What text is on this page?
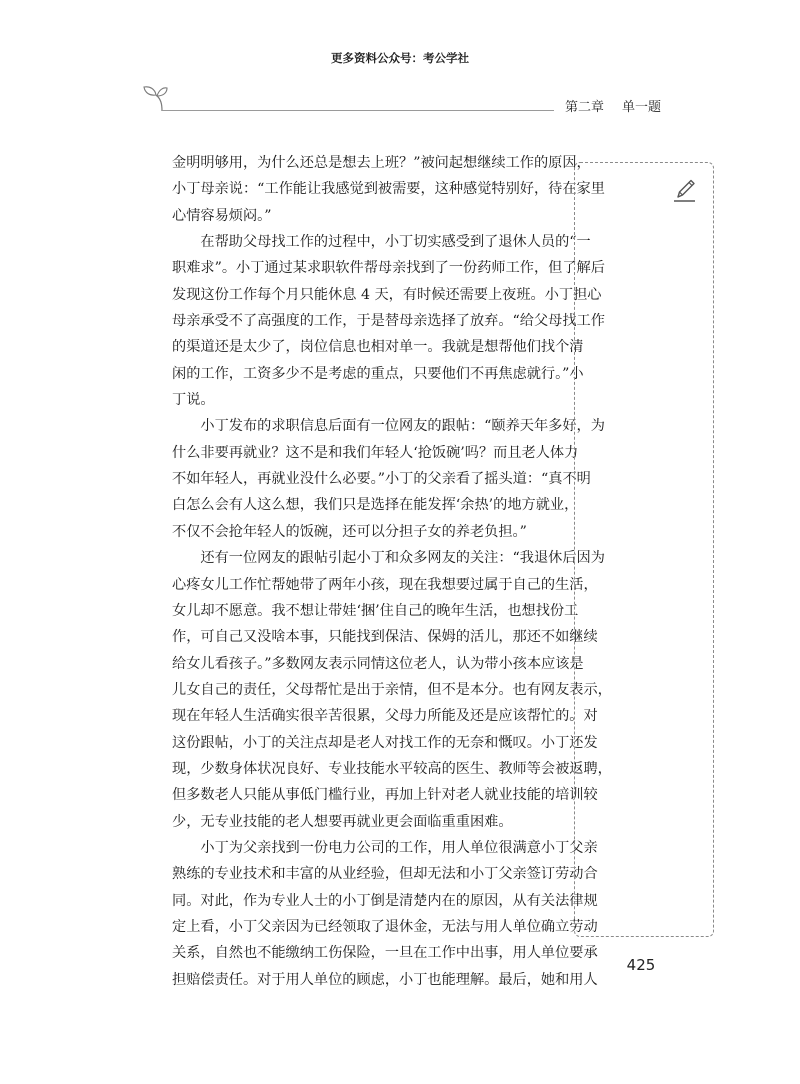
更多资料公众号：考公学社
第二章 单一题
金明明够用，为什么还总是想去上班？”被问起想继续工作的原因，
小丁母亲说：“工作能让我感觉到被需要，这种感觉特别好，待在家里
心情容易烦闷。”
　　在帮助父母找工作的过程中，小丁切实感受到了退休人员的“一
职难求”。小丁通过某求职软件帮母亲找到了一份药师工作，但了解后
发现这份工作每个月只能休息 4 天，有时候还需要上夜班。小丁担心
母亲承受不了高强度的工作，于是替母亲选择了放弃。“给父母找工作
的渠道还是太少了，岗位信息也相对单一。我就是想帮他们找个清
闲的工作，工资多少不是考虑的重点，只要他们不再焦虑就行。”小
丁说。
　　小丁发布的求职信息后面有一位网友的跟帖：“颐养天年多好，为
什么非要再就业？这不是和我们年轻人‘抢饭碗’吗？而且老人体力
不如年轻人，再就业没什么必要。”小丁的父亲看了摇头道：“真不明
白怎么会有人这么想，我们只是选择在能发挥‘余热’的地方就业，
不仅不会抢年轻人的饭碗，还可以分担子女的养老负担。”
　　还有一位网友的跟帖引起小丁和众多网友的关注：“我退休后因为
心疼女儿工作忙帮她带了两年小孩，现在我想要过属于自己的生活，
女儿却不愿意。我不想让带娃‘捆’住自己的晚年生活，也想找份工
作，可自己又没啥本事，只能找到保洁、保姆的活儿，那还不如继续
给女儿看孩子。”多数网友表示同情这位老人，认为带小孩本应该是
儿女自己的责任，父母帮忙是出于亲情，但不是本分。也有网友表示，
现在年轻人生活确实很辛苦很累，父母力所能及还是应该帮忙的。对
这份跟帖，小丁的关注点却是老人对找工作的无奈和慨叹。小丁还发
现，少数身体状况良好、专业技能水平较高的医生、教师等会被返聘，
但多数老人只能从事低门槛行业，再加上针对老人就业技能的培训较
少，无专业技能的老人想要再就业更会面临重重困难。
　　小丁为父亲找到一份电力公司的工作，用人单位很满意小丁父亲
熟练的专业技术和丰富的从业经验，但却无法和小丁父亲签订劳动合
同。对此，作为专业人士的小丁倒是清楚内在的原因，从有关法律规
定上看，小丁父亲因为已经领取了退休金，无法与用人单位确立劳动
关系，自然也不能缴纳工伤保险，一旦在工作中出事，用人单位要承
担赔偿责任。对于用人单位的顾虑，小丁也能理解。最后，她和用人
425
